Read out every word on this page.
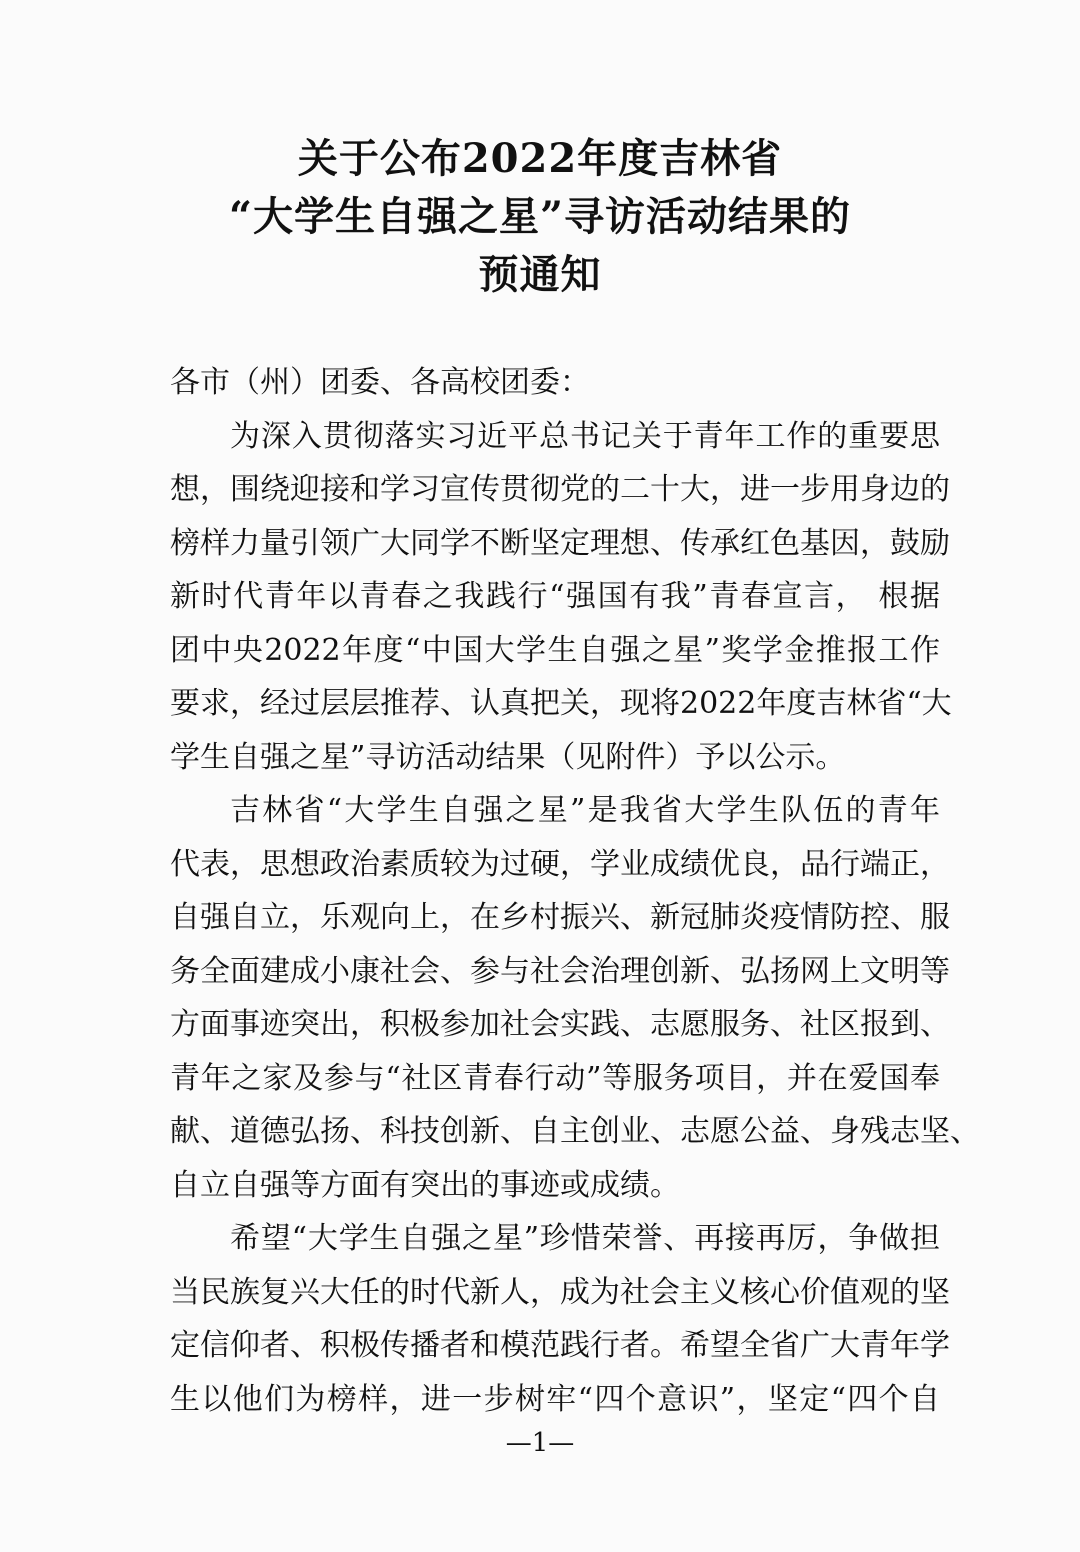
关于公布2022年度吉林省
“大学生自强之星”寻访活动结果的
预通知
各市（州）团委、各高校团委：
为深入贯彻落实习近平总书记关于青年工作的重要思
想，围绕迎接和学习宣传贯彻党的二十大，进一步用身边的
榜样力量引领广大同学不断坚定理想、传承红色基因，鼓励
新时代青年以青春之我践行“强国有我”青春宣言， 根据
团中央2022年度“中国大学生自强之星”奖学金推报工作
要求，经过层层推荐、认真把关，现将2022年度吉林省“大
学生自强之星”寻访活动结果（见附件）予以公示。
吉林省“大学生自强之星”是我省大学生队伍的青年
代表，思想政治素质较为过硬，学业成绩优良，品行端正，
自强自立，乐观向上，在乡村振兴、新冠肺炎疫情防控、服
务全面建成小康社会、参与社会治理创新、弘扬网上文明等
方面事迹突出，积极参加社会实践、志愿服务、社区报到、
青年之家及参与“社区青春行动”等服务项目，并在爱国奉
献、道德弘扬、科技创新、自主创业、志愿公益、身残志坚、
自立自强等方面有突出的事迹或成绩。
希望“大学生自强之星”珍惜荣誉、再接再厉，争做担
当民族复兴大任的时代新人，成为社会主义核心价值观的坚
定信仰者、积极传播者和模范践行者。希望全省广大青年学
生以他们为榜样，进一步树牢“四个意识”，坚定“四个自
—1—
